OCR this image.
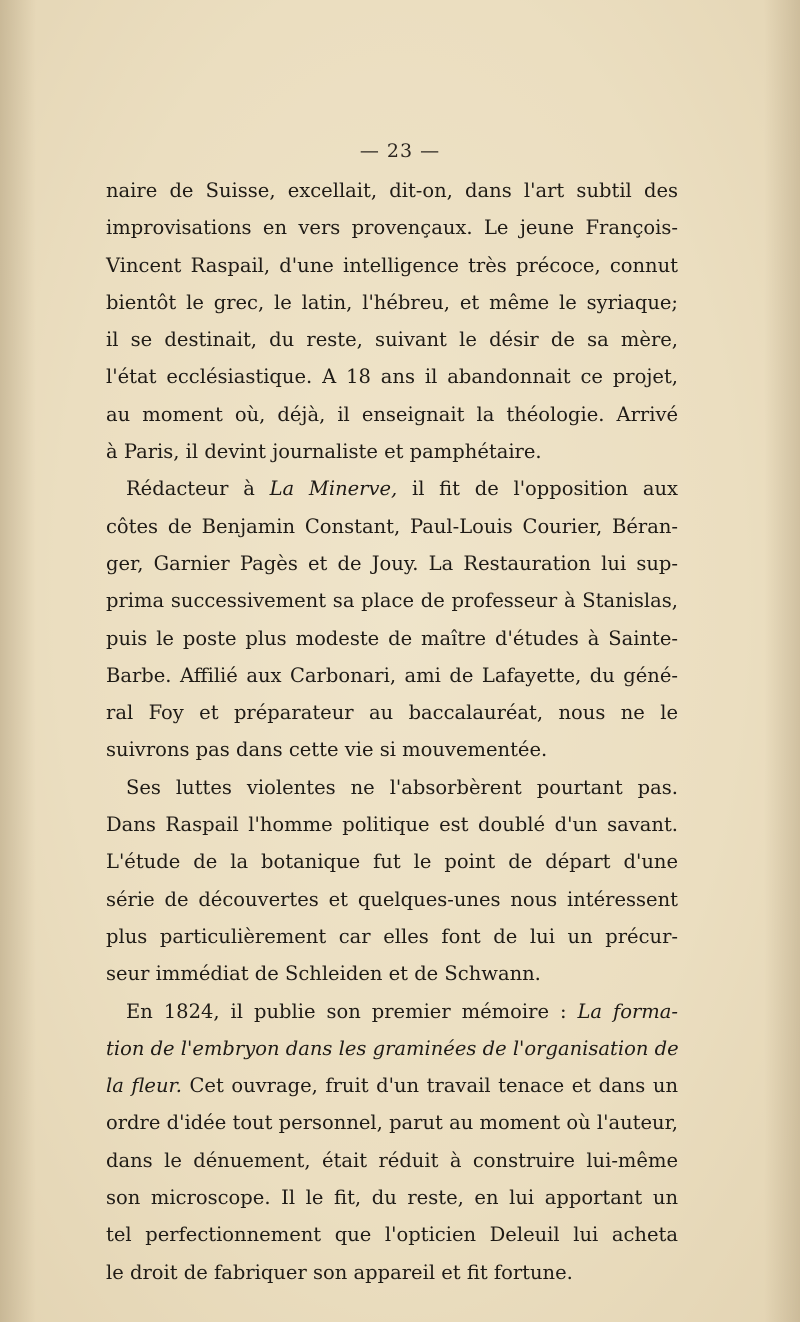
— 23 —
naire de Suisse, excellait, dit-on, dans l'art subtil des
improvisations en vers provençaux. Le jeune François-
Vincent Raspail, d'une intelligence très précoce, connut
bientôt le grec, le latin, l'hébreu, et même le syriaque;
il se destinait, du reste, suivant le désir de sa mère,
l'état ecclésiastique. A 18 ans il abandonnait ce projet,
au moment où, déjà, il enseignait la théologie. Arrivé
à Paris, il devint journaliste et pamphétaire.
Rédacteur à La Minerve, il fit de l'opposition aux
côtes de Benjamin Constant, Paul-Louis Courier, Béran-
ger, Garnier Pagès et de Jouy. La Restauration lui sup-
prima successivement sa place de professeur à Stanislas,
puis le poste plus modeste de maître d'études à Sainte-
Barbe. Affilié aux Carbonari, ami de Lafayette, du géné-
ral Foy et préparateur au baccalauréat, nous ne le
suivrons pas dans cette vie si mouvementée.
Ses luttes violentes ne l'absorbèrent pourtant pas.
Dans Raspail l'homme politique est doublé d'un savant.
L'étude de la botanique fut le point de départ d'une
série de découvertes et quelques-unes nous intéressent
plus particulièrement car elles font de lui un précur-
seur immédiat de Schleiden et de Schwann.
En 1824, il publie son premier mémoire : La forma-
tion de l'embryon dans les graminées de l'organisation de
la fleur. Cet ouvrage, fruit d'un travail tenace et dans un
ordre d'idée tout personnel, parut au moment où l'auteur,
dans le dénuement, était réduit à construire lui-même
son microscope. Il le fit, du reste, en lui apportant un
tel perfectionnement que l'opticien Deleuil lui acheta
le droit de fabriquer son appareil et fit fortune.
